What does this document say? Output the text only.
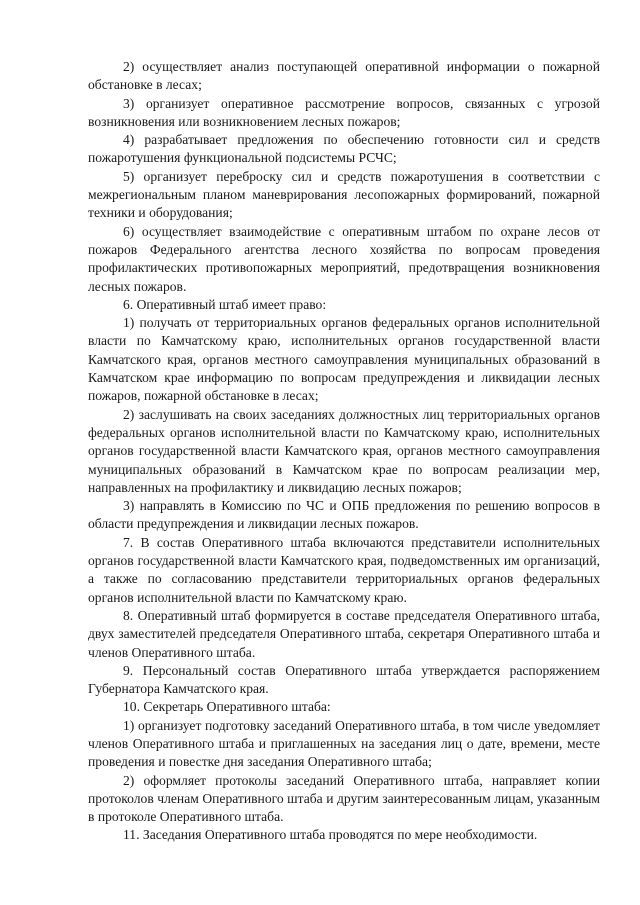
2) осуществляет анализ поступающей оперативной информации о пожарной обстановке в лесах;

3) организует оперативное рассмотрение вопросов, связанных с угрозой возникновения или возникновением лесных пожаров;

4) разрабатывает предложения по обеспечению готовности сил и средств пожаротушения функциональной подсистемы РСЧС;

5) организует переброску сил и средств пожаротушения в соответствии с межрегиональным планом маневрирования лесопожарных формирований, пожарной техники и оборудования;

6) осуществляет взаимодействие с оперативным штабом по охране лесов от пожаров Федерального агентства лесного хозяйства по вопросам проведения профилактических противопожарных мероприятий, предотвращения возникновения лесных пожаров.

6. Оперативный штаб имеет право:

1) получать от территориальных органов федеральных органов исполнительной власти по Камчатскому краю, исполнительных органов государственной власти Камчатского края, органов местного самоуправления муниципальных образований в Камчатском крае информацию по вопросам предупреждения и ликвидации лесных пожаров, пожарной обстановке в лесах;

2) заслушивать на своих заседаниях должностных лиц территориальных органов федеральных органов исполнительной власти по Камчатскому краю, исполнительных органов государственной власти Камчатского края, органов местного самоуправления муниципальных образований в Камчатском крае по вопросам реализации мер, направленных на профилактику и ликвидацию лесных пожаров;

3) направлять в Комиссию по ЧС и ОПБ предложения по решению вопросов в области предупреждения и ликвидации лесных пожаров.

7. В состав Оперативного штаба включаются представители исполнительных органов государственной власти Камчатского края, подведомственных им организаций, а также по согласованию представители территориальных органов федеральных органов исполнительной власти по Камчатскому краю.

8. Оперативный штаб формируется в составе председателя Оперативного штаба, двух заместителей председателя Оперативного штаба, секретаря Оперативного штаба и членов Оперативного штаба.

9. Персональный состав Оперативного штаба утверждается распоряжением Губернатора Камчатского края.

10. Секретарь Оперативного штаба:

1) организует подготовку заседаний Оперативного штаба, в том числе уведомляет членов Оперативного штаба и приглашенных на заседания лиц о дате, времени, месте проведения и повестке дня заседания Оперативного штаба;

2) оформляет протоколы заседаний Оперативного штаба, направляет копии протоколов членам Оперативного штаба и другим заинтересованным лицам, указанным в протоколе Оперативного штаба.

11. Заседания Оперативного штаба проводятся по мере необходимости.
